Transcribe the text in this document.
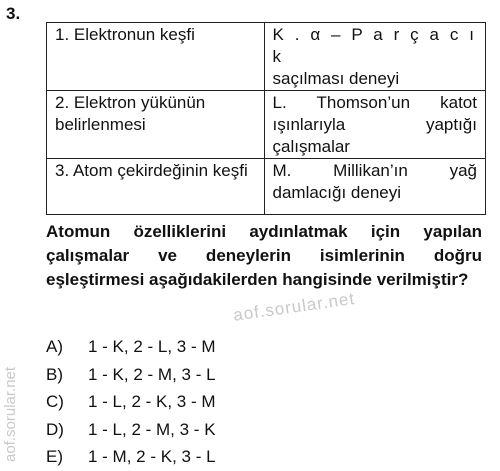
3.
1. Elektronun keşfi	K . α – P a r ç a c ı k
saçılması deneyi
2. Elektron yükünün belirlenmesi	L. Thomson’un katot ışınlarıyla yaptığı çalışmalar
3. Atom çekirdeğinin keşfi	M. Millikan’ın yağ damlacığı deneyi
Atomun özelliklerini aydınlatmak için yapılan çalışmalar ve deneylerin isimlerinin doğru eşleştirmesi aşağıdakilerden hangisinde verilmiştir?
aof.sorular.net
aof.sorular.net
A)	1 - K, 2 - L, 3 - M
B)	1 - K, 2 - M, 3 - L
C)	1 - L, 2 - K, 3 - M
D)	1 - L, 2 - M, 3 - K
E)	1 - M, 2 - K, 3 - L
